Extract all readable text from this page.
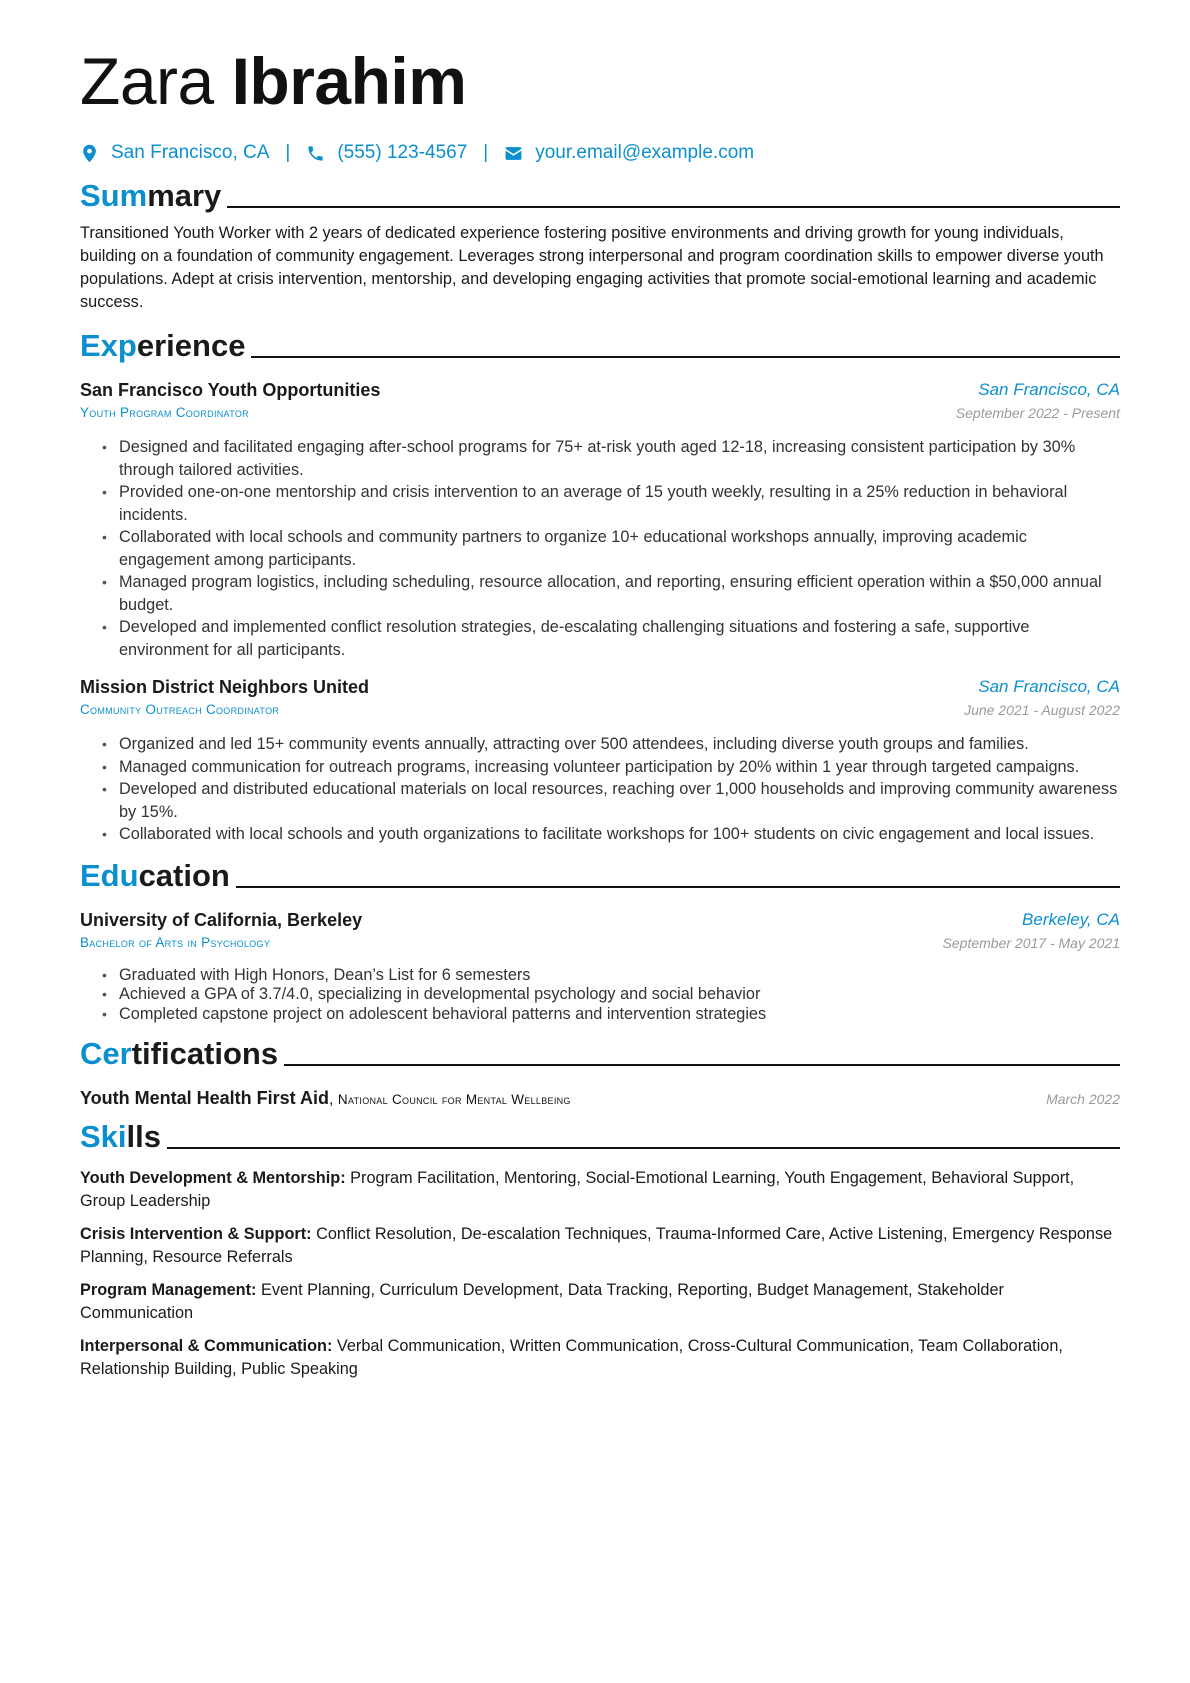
Zara Ibrahim
San Francisco, CA | (555) 123-4567 | your.email@example.com
Summary

Transitioned Youth Worker with 2 years of dedicated experience fostering positive environments and driving growth for young individuals, building on a foundation of community engagement. Leverages strong interpersonal and program coordination skills to empower diverse youth populations. Adept at crisis intervention, mentorship, and developing engaging activities that promote social-emotional learning and academic success.

Experience
San Francisco Youth Opportunities	San Francisco, CA
Youth Program Coordinator	September 2022 - Present
• Designed and facilitated engaging after-school programs for 75+ at-risk youth aged 12-18, increasing consistent participation by 30% through tailored activities.
• Provided one-on-one mentorship and crisis intervention to an average of 15 youth weekly, resulting in a 25% reduction in behavioral incidents.
• Collaborated with local schools and community partners to organize 10+ educational workshops annually, improving academic engagement among participants.
• Managed program logistics, including scheduling, resource allocation, and reporting, ensuring efficient operation within a $50,000 annual budget.
• Developed and implemented conflict resolution strategies, de-escalating challenging situations and fostering a safe, supportive environment for all participants.
Mission District Neighbors United	San Francisco, CA
Community Outreach Coordinator	June 2021 - August 2022
• Organized and led 15+ community events annually, attracting over 500 attendees, including diverse youth groups and families.
• Managed communication for outreach programs, increasing volunteer participation by 20% within 1 year through targeted campaigns.
• Developed and distributed educational materials on local resources, reaching over 1,000 households and improving community awareness by 15%.
• Collaborated with local schools and youth organizations to facilitate workshops for 100+ students on civic engagement and local issues.
Education
University of California, Berkeley	Berkeley, CA
Bachelor of Arts in Psychology	September 2017 - May 2021
• Graduated with High Honors, Dean’s List for 6 semesters
• Achieved a GPA of 3.7/4.0, specializing in developmental psychology and social behavior
• Completed capstone project on adolescent behavioral patterns and intervention strategies
Certifications
Youth Mental Health First Aid, National Council for Mental Wellbeing	March 2022
Skills

Youth Development & Mentorship: Program Facilitation, Mentoring, Social-Emotional Learning, Youth Engagement, Behavioral Support, Group Leadership

Crisis Intervention & Support: Conflict Resolution, De-escalation Techniques, Trauma-Informed Care, Active Listening, Emergency Response Planning, Resource Referrals

Program Management: Event Planning, Curriculum Development, Data Tracking, Reporting, Budget Management, Stakeholder Communication

Interpersonal & Communication: Verbal Communication, Written Communication, Cross-Cultural Communication, Team Collaboration, Relationship Building, Public Speaking
